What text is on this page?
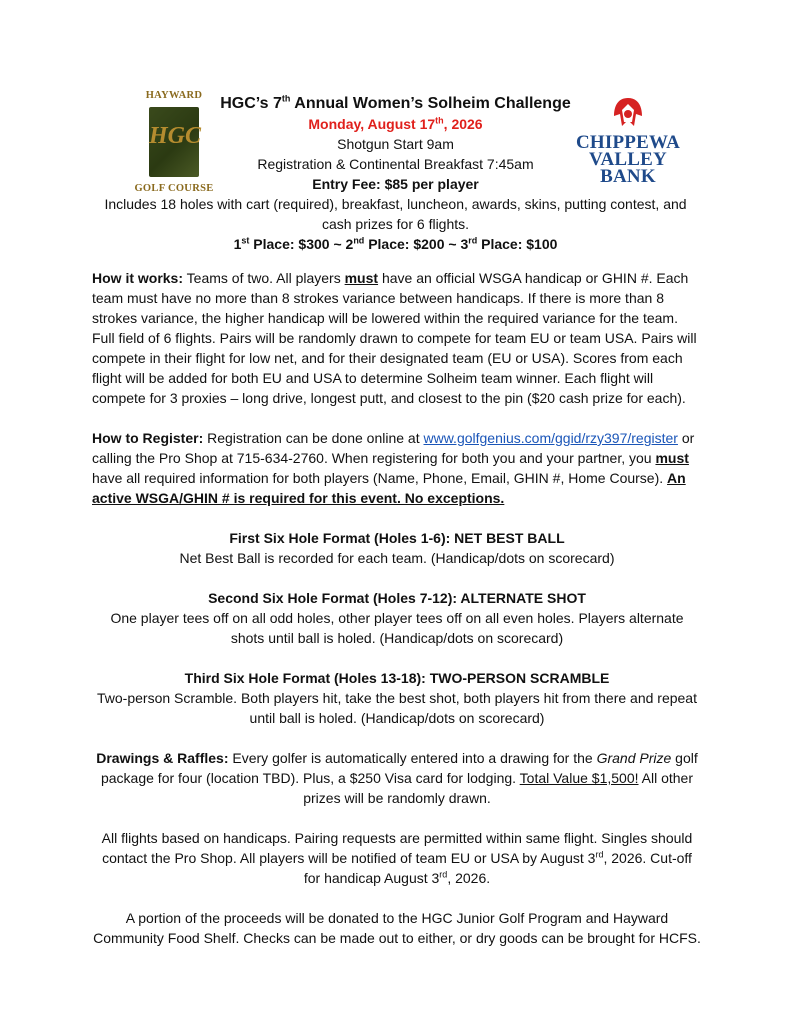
HAYWARD
HGC
GOLF COURSE
HGC’s 7th Annual Women’s Solheim Challenge
Monday, August 17th, 2026
Shotgun Start 9am
Registration & Continental Breakfast 7:45am
Entry Fee: $85 per player
Includes 18 holes with cart (required), breakfast, luncheon, awards, skins, putting contest, and cash prizes for 6 flights.
1st Place: $300 ~ 2nd Place: $200 ~ 3rd Place: $100
CHIPPEWA
VALLEY
BANK

How it works: Teams of two. All players must have an official WSGA handicap or GHIN #. Each team must have no more than 8 strokes variance between handicaps. If there is more than 8 strokes variance, the higher handicap will be lowered within the required variance for the team. Full field of 6 flights. Pairs will be randomly drawn to compete for team EU or team USA. Pairs will compete in their flight for low net, and for their designated team (EU or USA). Scores from each flight will be added for both EU and USA to determine Solheim team winner. Each flight will compete for 3 proxies – long drive, longest putt, and closest to the pin ($20 cash prize for each).

How to Register: Registration can be done online at www.golfgenius.com/ggid/rzy397/register or calling the Pro Shop at 715-634-2760. When registering for both you and your partner, you must have all required information for both players (Name, Phone, Email, GHIN #, Home Course). An active WSGA/GHIN # is required for this event. No exceptions.

First Six Hole Format (Holes 1-6): NET BEST BALL
Net Best Ball is recorded for each team. (Handicap/dots on scorecard)
Second Six Hole Format (Holes 7-12): ALTERNATE SHOT
One player tees off on all odd holes, other player tees off on all even holes. Players alternate shots until ball is holed. (Handicap/dots on scorecard)
Third Six Hole Format (Holes 13-18): TWO-PERSON SCRAMBLE
Two-person Scramble. Both players hit, take the best shot, both players hit from there and repeat until ball is holed. (Handicap/dots on scorecard)

Drawings & Raffles: Every golfer is automatically entered into a drawing for the Grand Prize golf package for four (location TBD). Plus, a $250 Visa card for lodging. Total Value $1,500! All other prizes will be randomly drawn.

All flights based on handicaps. Pairing requests are permitted within same flight. Singles should contact the Pro Shop. All players will be notified of team EU or USA by August 3rd, 2026. Cut-off for handicap August 3rd, 2026.

A portion of the proceeds will be donated to the HGC Junior Golf Program and Hayward Community Food Shelf. Checks can be made out to either, or dry goods can be brought for HCFS.
